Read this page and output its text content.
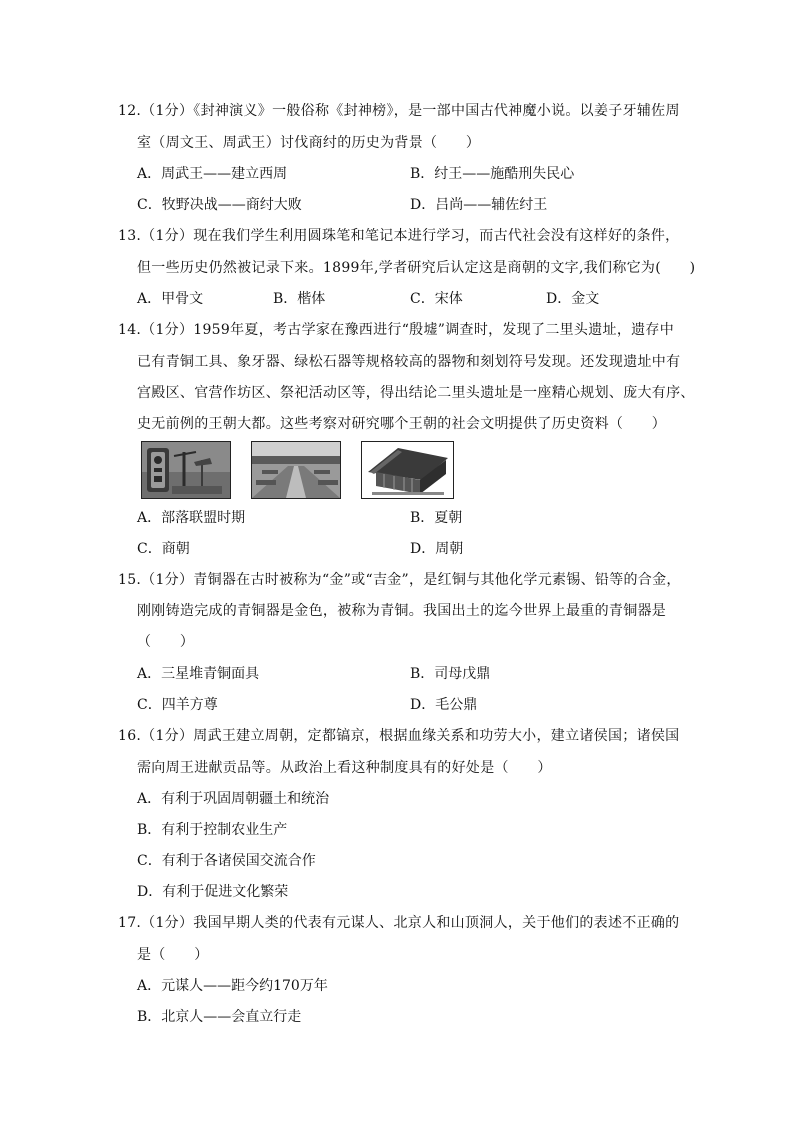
12.（1分）《封神演义》一般俗称《封神榜》，是一部中国古代神魔小说。以姜子牙辅佐周
室（周文王、周武王）讨伐商纣的历史为背景（　　）
A．周武王——建立西周	B．纣王——施酷刑失民心
C．牧野决战——商纣大败	D．吕尚——辅佐纣王
13.（1分）现在我们学生利用圆珠笔和笔记本进行学习，而古代社会没有这样好的条件，
但一些历史仍然被记录下来。1899年,学者研究后认定这是商朝的文字,我们称它为(　　)
A．甲骨文	B．楷体	C．宋体	D．金文
14.（1分）1959年夏，考古学家在豫西进行“殷墟”调查时，发现了二里头遗址，遗存中
已有青铜工具、象牙器、绿松石器等规格较高的器物和刻划符号发现。还发现遗址中有
宫殿区、官营作坊区、祭祀活动区等，得出结论二里头遗址是一座精心规划、庞大有序、
史无前例的王朝大都。这些考察对研究哪个王朝的社会文明提供了历史资料（　　）
A．部落联盟时期	B．夏朝
C．商朝	D．周朝
15.（1分）青铜器在古时被称为“金”或“吉金”，是红铜与其他化学元素锡、铅等的合金，
刚刚铸造完成的青铜器是金色，被称为青铜。我国出土的迄今世界上最重的青铜器是
（　　）
A．三星堆青铜面具	B．司母戊鼎
C．四羊方尊	D．毛公鼎
16.（1分）周武王建立周朝，定都镐京，根据血缘关系和功劳大小，建立诸侯国；诸侯国
需向周王进献贡品等。从政治上看这种制度具有的好处是（　　）
A．有利于巩固周朝疆土和统治
B．有利于控制农业生产
C．有利于各诸侯国交流合作
D．有利于促进文化繁荣
17.（1分）我国早期人类的代表有元谋人、北京人和山顶洞人，关于他们的表述不正确的
是（　　）
A．元谋人——距今约170万年
B．北京人——会直立行走
